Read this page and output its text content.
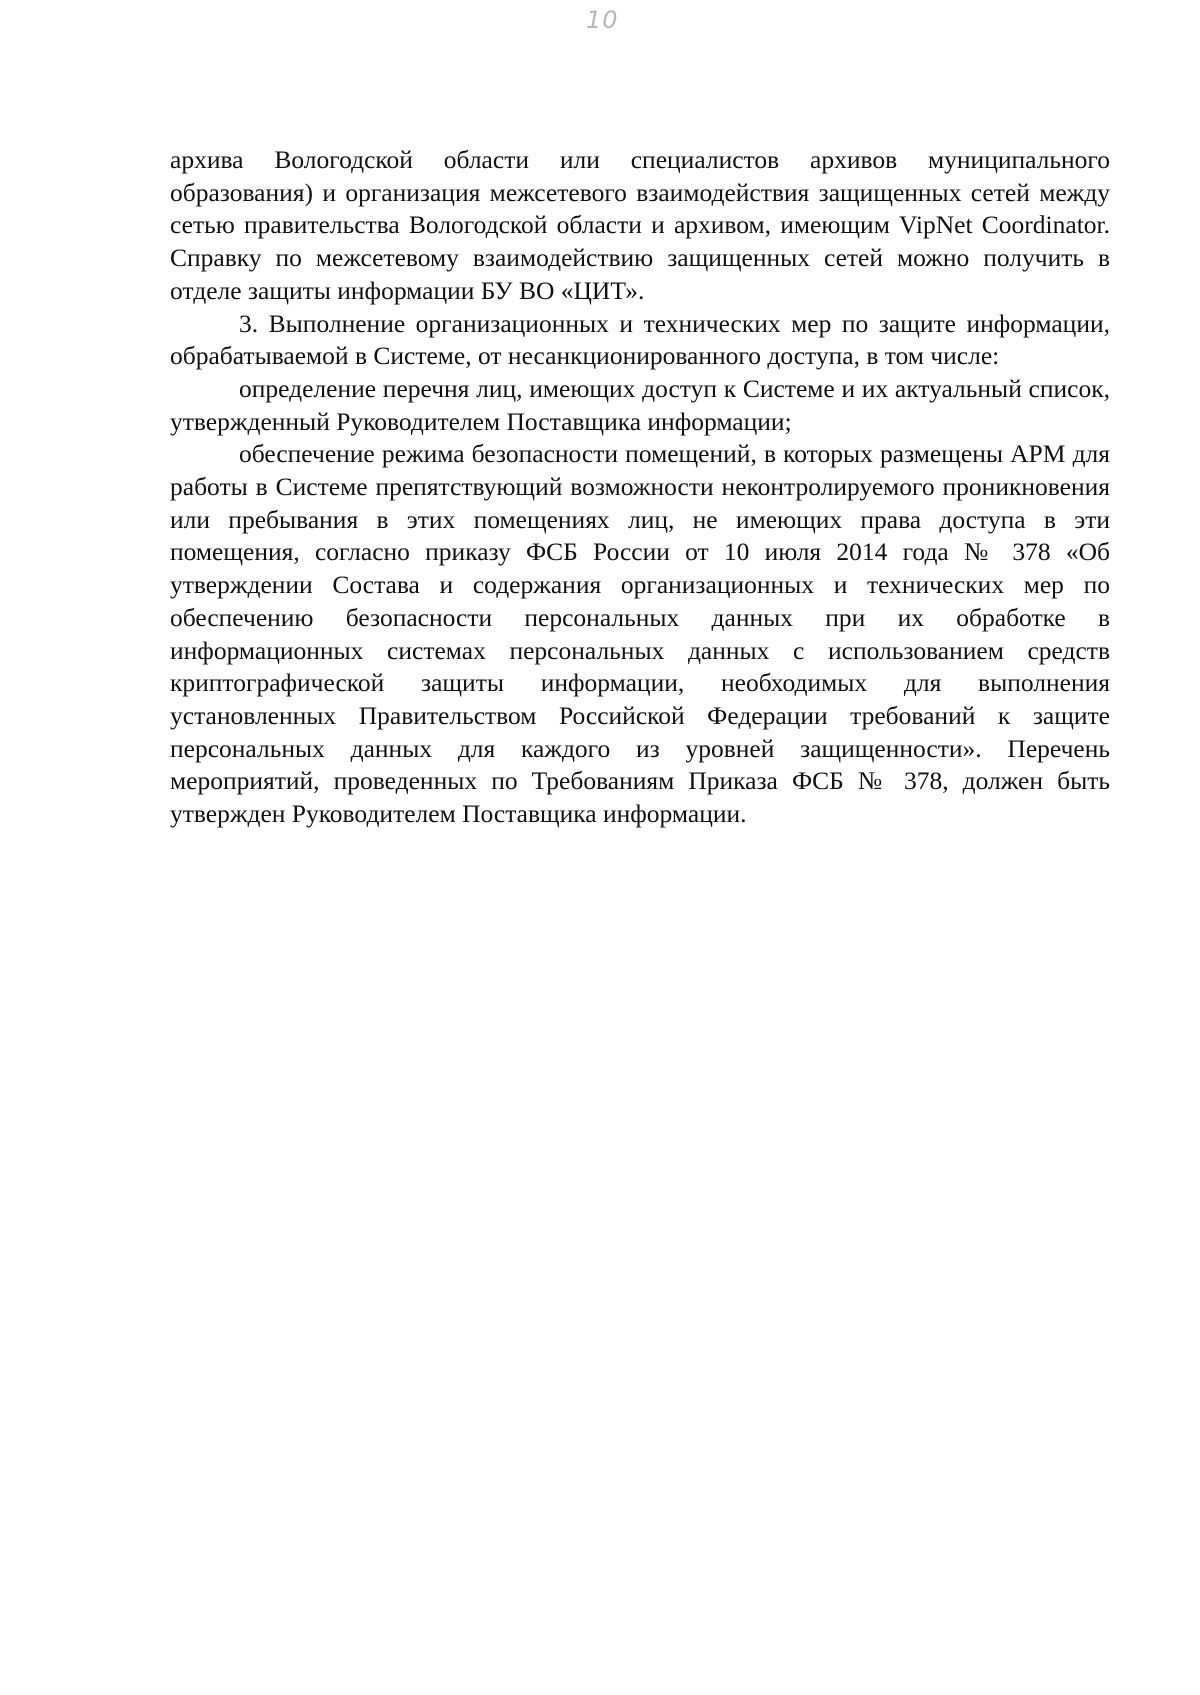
10

архива Вологодской области или специалистов архивов муниципального образования) и организация межсетевого взаимодействия защищенных сетей между сетью правительства Вологодской области и архивом, имеющим VipNet Coordinator. Справку по межсетевому взаимодействию защищенных сетей можно получить в отделе защиты информации БУ ВО «ЦИТ».

3. Выполнение организационных и технических мер по защите информации, обрабатываемой в Системе, от несанкционированного доступа, в том числе:

определение перечня лиц, имеющих доступ к Системе и их актуальный список, утвержденный Руководителем Поставщика информации;

обеспечение режима безопасности помещений, в которых размещены АРМ для работы в Системе препятствующий возможности неконтролируемого проникновения или пребывания в этих помещениях лиц, не имеющих права доступа в эти помещения, согласно приказу ФСБ России от 10 июля 2014 года № 378 «Об утверждении Состава и содержания организационных и технических мер по обеспечению безопасности персональных данных при их обработке в информационных системах персональных данных с использованием средств криптографической защиты информации, необходимых для выполнения установленных Правительством Российской Федерации требований к защите персональных данных для каждого из уровней защищенности». Перечень мероприятий, проведенных по Требованиям Приказа ФСБ № 378, должен быть утвержден Руководителем Поставщика информации.
